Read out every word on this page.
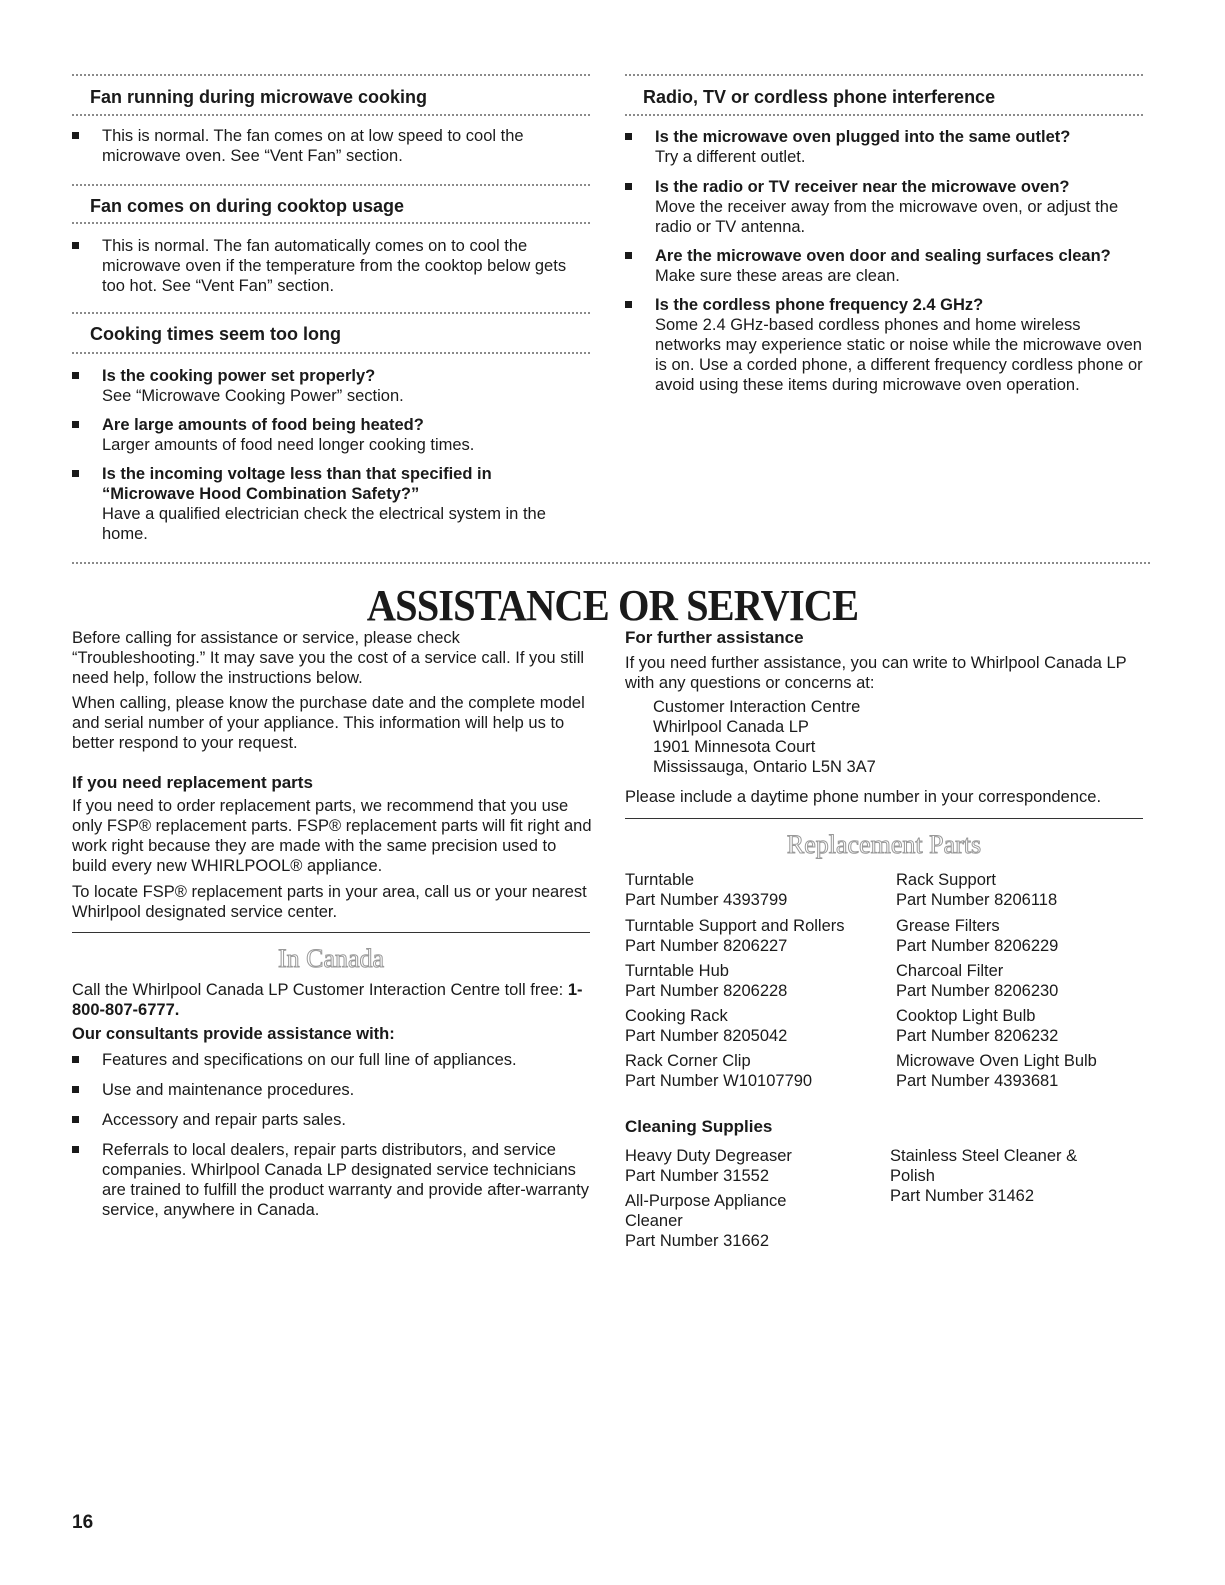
Fan running during microwave cooking
This is normal. The fan comes on at low speed to cool the microwave oven. See “Vent Fan” section.
Fan comes on during cooktop usage
This is normal. The fan automatically comes on to cool the microwave oven if the temperature from the cooktop below gets too hot. See “Vent Fan” section.
Cooking times seem too long
Is the cooking power set properly?
See “Microwave Cooking Power” section.
Are large amounts of food being heated?
Larger amounts of food need longer cooking times.
Is the incoming voltage less than that specified in “Microwave Hood Combination Safety?”
Have a qualified electrician check the electrical system in the home.
Radio, TV or cordless phone interference
Is the microwave oven plugged into the same outlet?
Try a different outlet.
Is the radio or TV receiver near the microwave oven?
Move the receiver away from the microwave oven, or adjust the radio or TV antenna.
Are the microwave oven door and sealing surfaces clean?
Make sure these areas are clean.
Is the cordless phone frequency 2.4 GHz?
Some 2.4 GHz-based cordless phones and home wireless networks may experience static or noise while the microwave oven is on. Use a corded phone, a different frequency cordless phone or avoid using these items during microwave oven operation.
ASSISTANCE OR SERVICE
Before calling for assistance or service, please check “Troubleshooting.” It may save you the cost of a service call. If you still need help, follow the instructions below.
When calling, please know the purchase date and the complete model and serial number of your appliance. This information will help us to better respond to your request.
If you need replacement parts
If you need to order replacement parts, we recommend that you use only FSP® replacement parts. FSP® replacement parts will fit right and work right because they are made with the same precision used to build every new WHIRLPOOL® appliance.
To locate FSP® replacement parts in your area, call us or your nearest Whirlpool designated service center.
In Canada
Call the Whirlpool Canada LP Customer Interaction Centre toll free: 1-800-807-6777.
Our consultants provide assistance with:
Features and specifications on our full line of appliances.
Use and maintenance procedures.
Accessory and repair parts sales.
Referrals to local dealers, repair parts distributors, and service companies. Whirlpool Canada LP designated service technicians are trained to fulfill the product warranty and provide after-warranty service, anywhere in Canada.
For further assistance
If you need further assistance, you can write to Whirlpool Canada LP with any questions or concerns at:
Customer Interaction Centre
Whirlpool Canada LP
1901 Minnesota Court
Mississauga, Ontario L5N 3A7
Please include a daytime phone number in your correspondence.
Replacement Parts
Turntable
Part Number 4393799
Turntable Support and Rollers
Part Number 8206227
Turntable Hub
Part Number 8206228
Cooking Rack
Part Number 8205042
Rack Corner Clip
Part Number W10107790
Rack Support
Part Number 8206118
Grease Filters
Part Number 8206229
Charcoal Filter
Part Number 8206230
Cooktop Light Bulb
Part Number 8206232
Microwave Oven Light Bulb
Part Number 4393681
Cleaning Supplies
Heavy Duty Degreaser
Part Number 31552
All-Purpose Appliance Cleaner
Part Number 31662
Stainless Steel Cleaner & Polish
Part Number 31462
16
